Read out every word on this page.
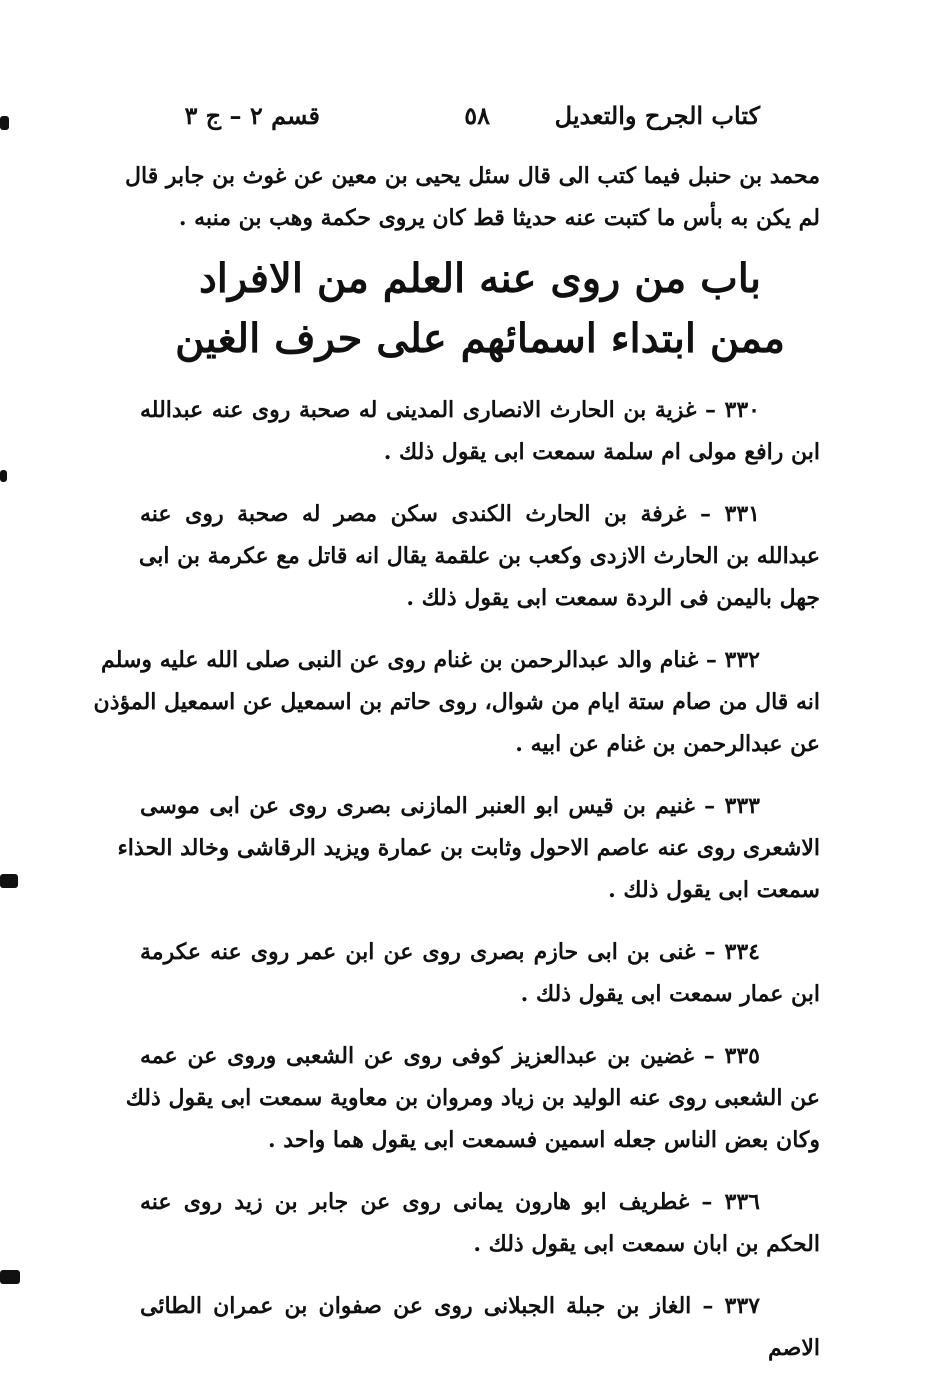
كتاب الجرح والتعديل
٥٨
قسم ٢ – ج ٣
محمد بن حنبل فيما كتب الى قال سئل يحيى بن معين عن غوث بن جابر قال
لم يكن به بأس ما كتبت عنه حديثا قط كان يروى حكمة وهب بن منبه .
باب من روى عنه العلم من الافراد
ممن ابتداء اسمائهم على حرف الغين
٣٣٠ – غزية بن الحارث الانصارى المدينى له صحبة روى عنه عبدالله
ابن رافع مولى ام سلمة سمعت ابى يقول ذلك .
٣٣١ – غرفة بن الحارث الكندى سكن مصر له صحبة روى عنه
عبدالله بن الحارث الازدى وكعب بن علقمة يقال انه قاتل مع عكرمة بن ابى
جهل باليمن فى الردة سمعت ابى يقول ذلك .
٣٣٢ – غنام والد عبدالرحمن بن غنام روى عن النبى صلى الله عليه وسلم
انه قال من صام ستة ايام من شوال، روى حاتم بن اسمعيل عن اسمعيل المؤذن
عن عبدالرحمن بن غنام عن ابيه .
٣٣٣ – غنيم بن قيس ابو العنبر المازنى بصرى روى عن ابى موسى
الاشعرى روى عنه عاصم الاحول وثابت بن عمارة ويزيد الرقاشى وخالد الحذاء
سمعت ابى يقول ذلك .
٣٣٤ – غنى بن ابى حازم بصرى روى عن ابن عمر روى عنه عكرمة
ابن عمار سمعت ابى يقول ذلك .
٣٣٥ – غضين بن عبدالعزيز كوفى روى عن الشعبى وروى عن عمه
عن الشعبى روى عنه الوليد بن زياد ومروان بن معاوية سمعت ابى يقول ذلك
وكان بعض الناس جعله اسمين فسمعت ابى يقول هما واحد .
٣٣٦ – غطريف ابو هارون يمانى روى عن جابر بن زيد روى عنه
الحكم بن ابان سمعت ابى يقول ذلك .
٣٣٧ – الغاز بن جبلة الجبلانى روى عن صفوان بن عمران الطائى
الاصم
